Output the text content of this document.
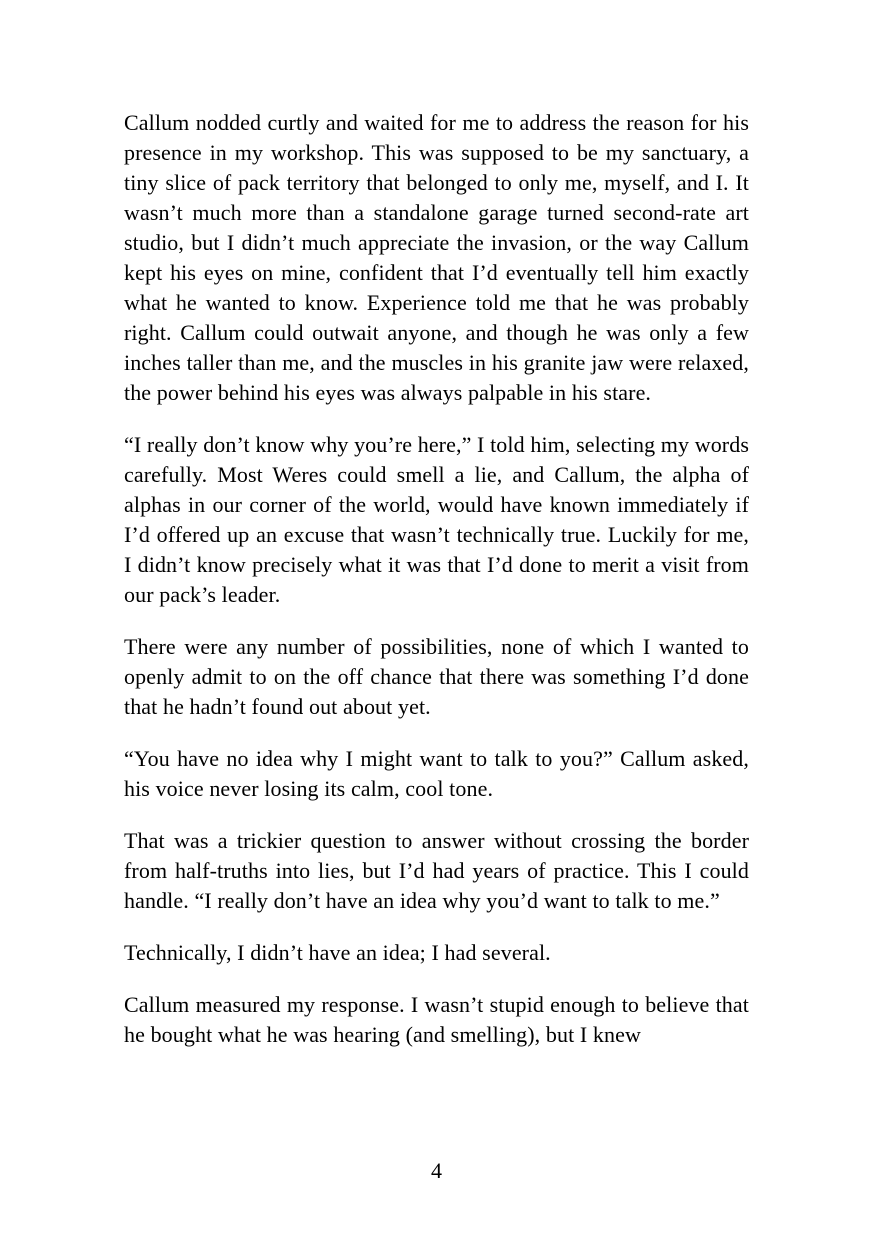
Callum nodded curtly and waited for me to address the reason for his presence in my workshop. This was supposed to be my sanctuary, a tiny slice of pack territory that belonged to only me, myself, and I. It wasn’t much more than a standalone garage turned second-rate art studio, but I didn’t much appreciate the invasion, or the way Callum kept his eyes on mine, confident that I’d eventually tell him exactly what he wanted to know. Experience told me that he was probably right. Callum could outwait anyone, and though he was only a few inches taller than me, and the muscles in his granite jaw were relaxed, the power behind his eyes was always palpable in his stare.

“I really don’t know why you’re here,” I told him, selecting my words carefully. Most Weres could smell a lie, and Callum, the alpha of alphas in our corner of the world, would have known immediately if I’d offered up an excuse that wasn’t technically true. Luckily for me, I didn’t know precisely what it was that I’d done to merit a visit from our pack’s leader.

There were any number of possibilities, none of which I wanted to openly admit to on the off chance that there was something I’d done that he hadn’t found out about yet.

“You have no idea why I might want to talk to you?” Callum asked, his voice never losing its calm, cool tone.

That was a trickier question to answer without crossing the border from half-truths into lies, but I’d had years of practice. This I could handle. “I really don’t have an idea why you’d want to talk to me.”

Technically, I didn’t have an idea; I had several.

Callum measured my response. I wasn’t stupid enough to believe that he bought what he was hearing (and smelling), but I knew

4
